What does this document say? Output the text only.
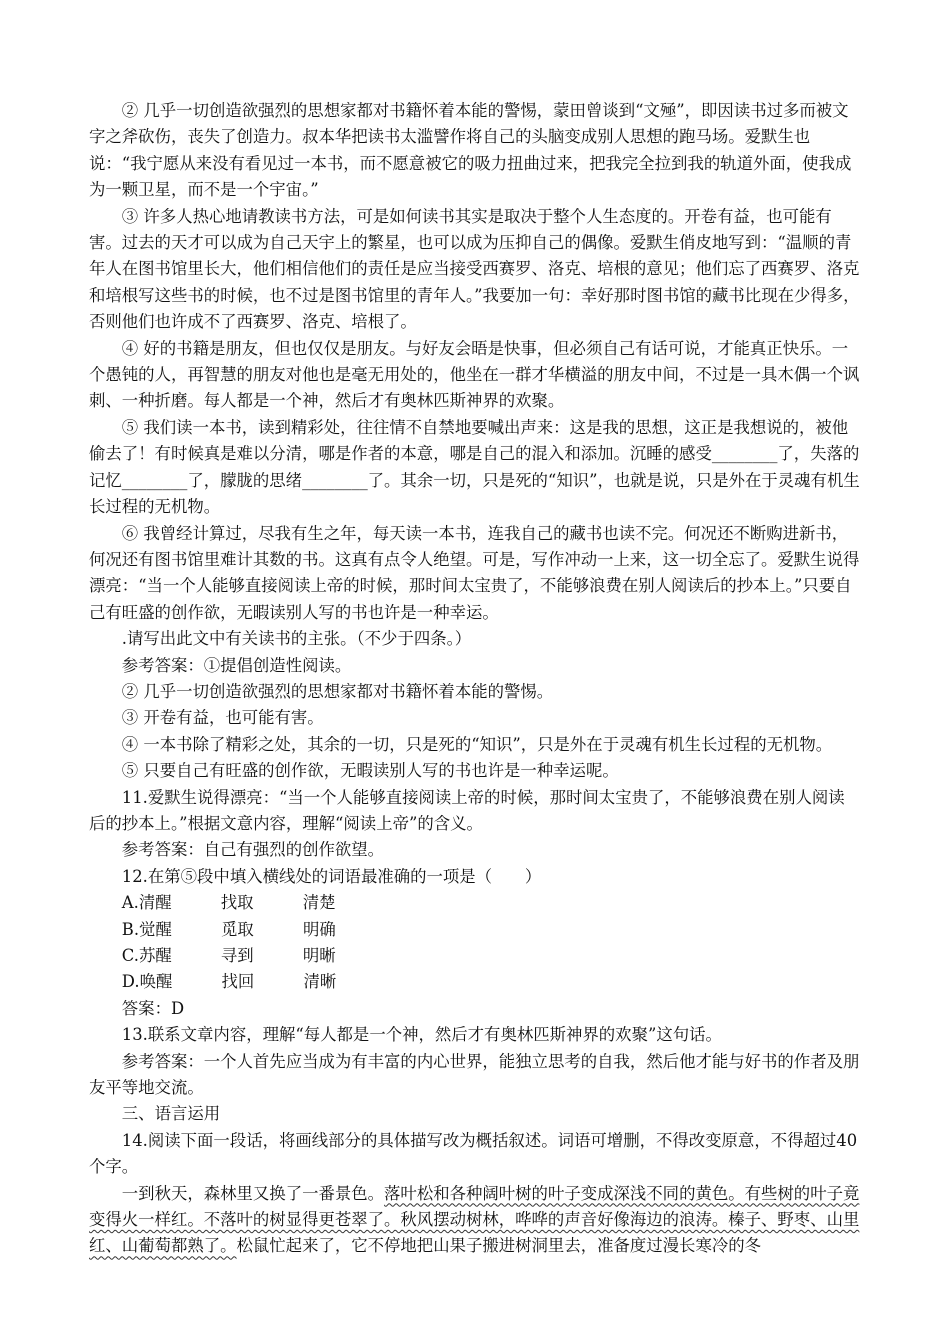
② 几乎一切创造欲强烈的思想家都对书籍怀着本能的警惕，蒙田曾谈到“文殛”，即因读书过多而被文字之斧砍伤，丧失了创造力。叔本华把读书太滥譬作将自己的头脑变成别人思想的跑马场。爱默生也说：“我宁愿从来没有看见过一本书，而不愿意被它的吸力扭曲过来，把我完全拉到我的轨道外面，使我成为一颗卫星，而不是一个宇宙。”

③ 许多人热心地请教读书方法，可是如何读书其实是取决于整个人生态度的。开卷有益，也可能有害。过去的天才可以成为自己天宇上的繁星，也可以成为压抑自己的偶像。爱默生俏皮地写到：“温顺的青年人在图书馆里长大，他们相信他们的责任是应当接受西赛罗、洛克、培根的意见；他们忘了西赛罗、洛克和培根写这些书的时候，也不过是图书馆里的青年人。”我要加一句：幸好那时图书馆的藏书比现在少得多，否则他们也许成不了西赛罗、洛克、培根了。

④ 好的书籍是朋友，但也仅仅是朋友。与好友会晤是快事，但必须自己有话可说，才能真正快乐。一个愚钝的人，再智慧的朋友对他也是毫无用处的，他坐在一群才华横溢的朋友中间，不过是一具木偶一个讽刺、一种折磨。每人都是一个神，然后才有奥林匹斯神界的欢聚。

⑤ 我们读一本书，读到精彩处，往往情不自禁地要喊出声来：这是我的思想，这正是我想说的，被他偷去了！有时候真是难以分清，哪是作者的本意，哪是自己的混入和添加。沉睡的感受________了，失落的记忆________了，朦胧的思绪________了。其余一切，只是死的“知识”，也就是说，只是外在于灵魂有机生长过程的无机物。

⑥ 我曾经计算过，尽我有生之年，每天读一本书，连我自己的藏书也读不完。何况还不断购进新书，何况还有图书馆里难计其数的书。这真有点令人绝望。可是，写作冲动一上来，这一切全忘了。爱默生说得漂亮：“当一个人能够直接阅读上帝的时候，那时间太宝贵了，不能够浪费在别人阅读后的抄本上。”只要自己有旺盛的创作欲，无暇读别人写的书也许是一种幸运。

.请写出此文中有关读书的主张。（不少于四条。）

参考答案：①提倡创造性阅读。

② 几乎一切创造欲强烈的思想家都对书籍怀着本能的警惕。

③ 开卷有益，也可能有害。

④ 一本书除了精彩之处，其余的一切，只是死的“知识”，只是外在于灵魂有机生长过程的无机物。

⑤ 只要自己有旺盛的创作欲，无暇读别人写的书也许是一种幸运呢。

11.爱默生说得漂亮：“当一个人能够直接阅读上帝的时候，那时间太宝贵了，不能够浪费在别人阅读后的抄本上。”根据文意内容，理解“阅读上帝”的含义。

参考答案：自己有强烈的创作欲望。

12.在第⑤段中填入横线处的词语最准确的一项是（　　）

A.清醒　　　找取　　　清楚

B.觉醒　　　觅取　　　明确

C.苏醒　　　寻到　　　明晰

D.唤醒　　　找回　　　清晰

答案：D

13.联系文章内容，理解“每人都是一个神，然后才有奥林匹斯神界的欢聚”这句话。

参考答案：一个人首先应当成为有丰富的内心世界，能独立思考的自我，然后他才能与好书的作者及朋友平等地交流。

三、语言运用

14.阅读下面一段话，将画线部分的具体描写改为概括叙述。词语可增删，不得改变原意，不得超过40个字。

一到秋天，森林里又换了一番景色。落叶松和各种阔叶树的叶子变成深浅不同的黄色。有些树的叶子竟变得火一样红。不落叶的树显得更苍翠了。秋风摆动树林，哗哗的声音好像海边的浪涛。榛子、野枣、山里红、山葡萄都熟了。松鼠忙起来了，它不停地把山果子搬进树洞里去，准备度过漫长寒冷的冬
